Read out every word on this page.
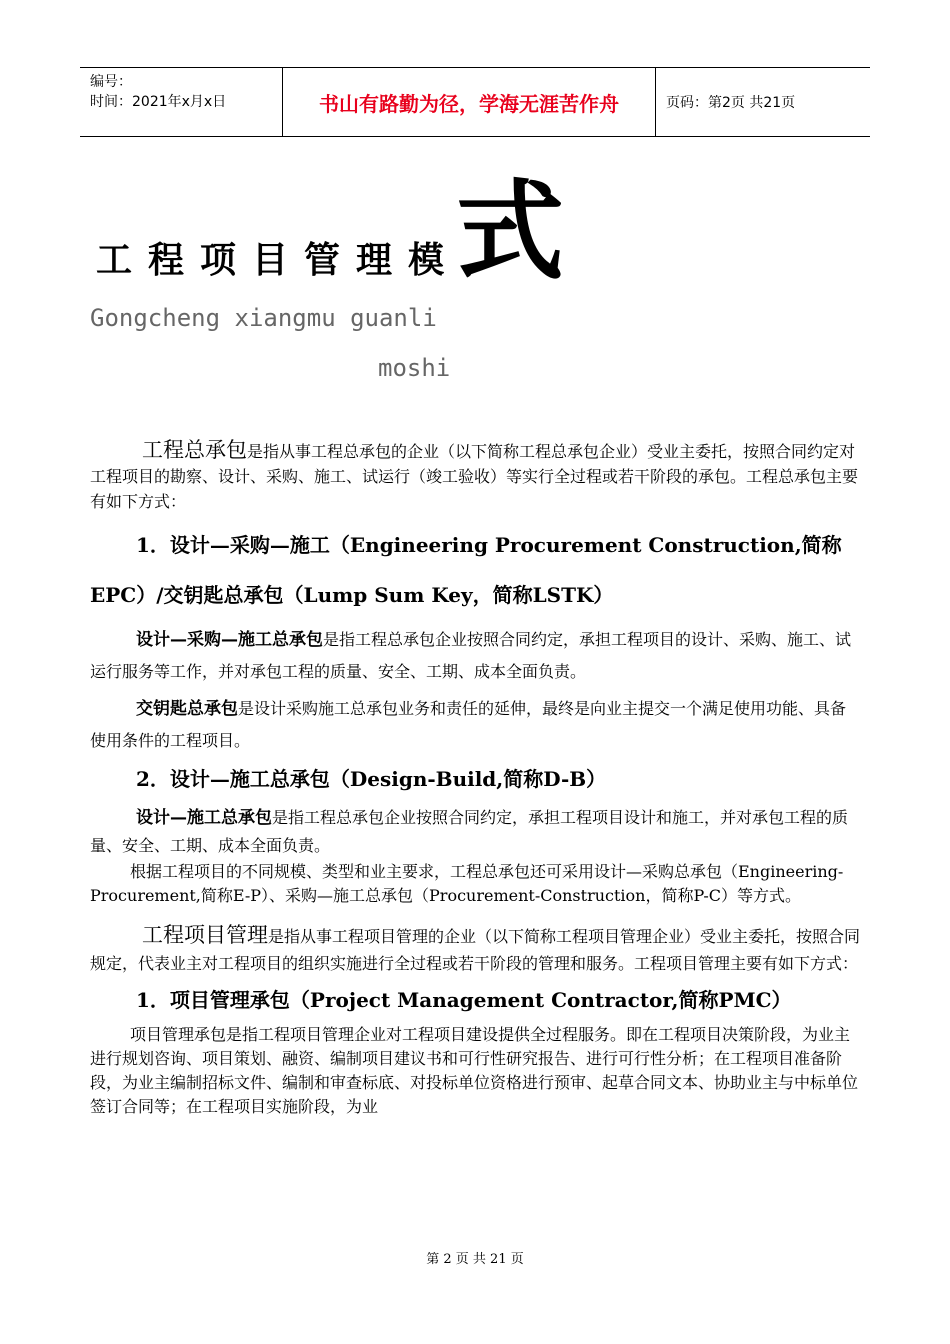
编号：
时间：2021年x月x日	书山有路勤为径，学海无涯苦作舟	页码：第2页 共21页
工程项目管理模
式
Gongcheng xiangmu guanli
moshi

工程总承包是指从事工程总承包的企业（以下简称工程总承包企业）受业主委托，按照合同约定对工程项目的勘察、设计、采购、施工、试运行（竣工验收）等实行全过程或若干阶段的承包。工程总承包主要有如下方式：

1．设计—采购—施工（Engineering Procurement Construction,简称

EPC）/交钥匙总承包（Lump Sum Key，简称LSTK）

设计—采购—施工总承包是指工程总承包企业按照合同约定，承担工程项目的设计、采购、施工、试运行服务等工作，并对承包工程的质量、安全、工期、成本全面负责。

交钥匙总承包是设计采购施工总承包业务和责任的延伸，最终是向业主提交一个满足使用功能、具备使用条件的工程项目。

2．设计—施工总承包（Design-Build,简称D-B）

设计—施工总承包是指工程总承包企业按照合同约定，承担工程项目设计和施工，并对承包工程的质量、安全、工期、成本全面负责。

根据工程项目的不同规模、类型和业主要求，工程总承包还可采用设计—采购总承包（Engineering-Procurement,简称E-P）、采购—施工总承包（Procurement-Construction，简称P-C）等方式。

工程项目管理是指从事工程项目管理的企业（以下简称工程项目管理企业）受业主委托，按照合同规定，代表业主对工程项目的组织实施进行全过程或若干阶段的管理和服务。工程项目管理主要有如下方式：

1．项目管理承包（Project Management Contractor,简称PMC）

项目管理承包是指工程项目管理企业对工程项目建设提供全过程服务。即在工程项目决策阶段，为业主进行规划咨询、项目策划、融资、编制项目建议书和可行性研究报告、进行可行性分析；在工程项目准备阶段，为业主编制招标文件、编制和审查标底、对投标单位资格进行预审、起草合同文本、协助业主与中标单位签订合同等；在工程项目实施阶段，为业

第 2 页 共 21 页
